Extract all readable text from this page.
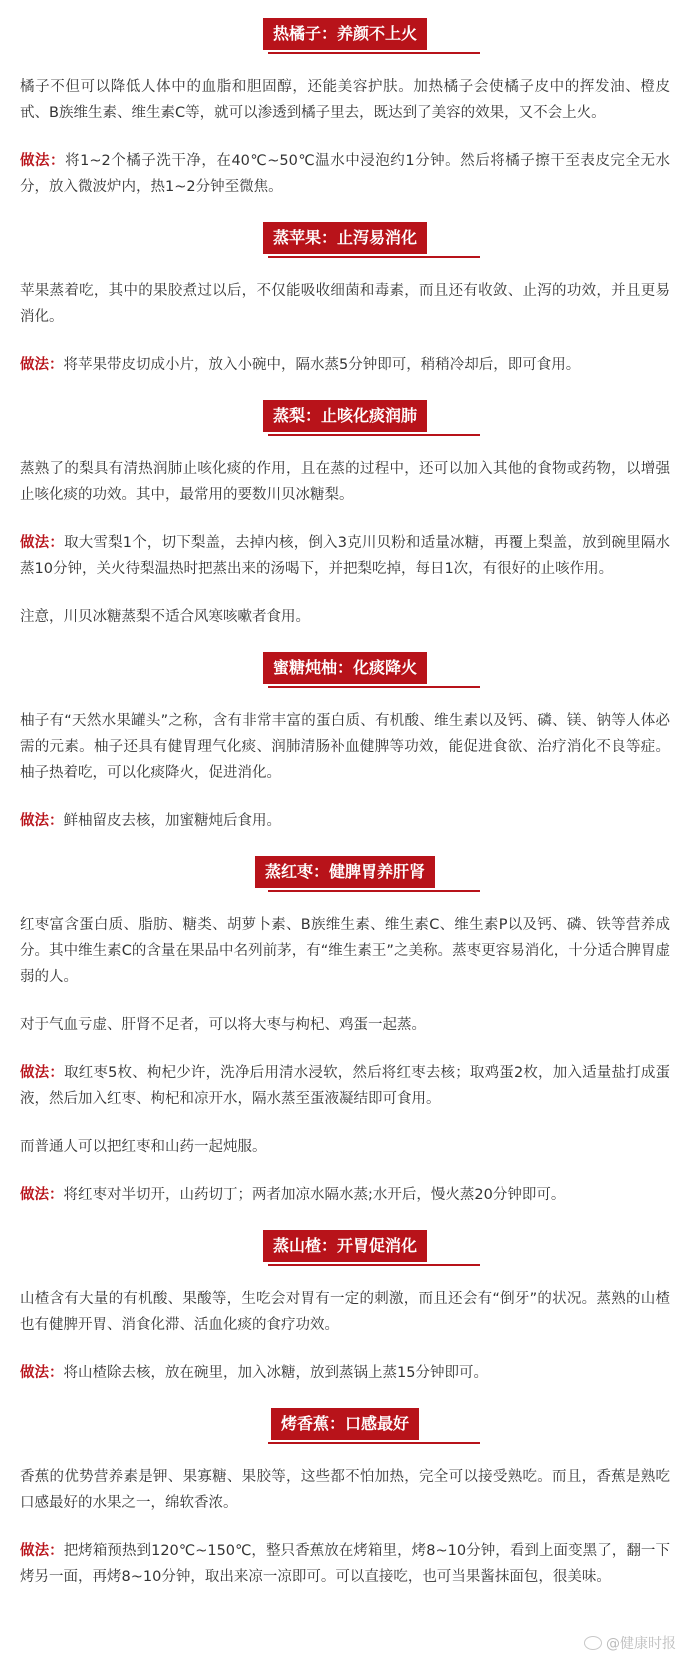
热橘子：养颜不上火

橘子不但可以降低人体中的血脂和胆固醇，还能美容护肤。加热橘子会使橘子皮中的挥发油、橙皮甙、B族维生素、维生素C等，就可以渗透到橘子里去，既达到了美容的效果，又不会上火。

做法：将1~2个橘子洗干净，在40℃~50℃温水中浸泡约1分钟。然后将橘子擦干至表皮完全无水分，放入微波炉内，热1~2分钟至微焦。

蒸苹果：止泻易消化

苹果蒸着吃，其中的果胶煮过以后，不仅能吸收细菌和毒素，而且还有收敛、止泻的功效，并且更易消化。

做法：将苹果带皮切成小片，放入小碗中，隔水蒸5分钟即可，稍稍冷却后，即可食用。

蒸梨：止咳化痰润肺

蒸熟了的梨具有清热润肺止咳化痰的作用，且在蒸的过程中，还可以加入其他的食物或药物，以增强止咳化痰的功效。其中，最常用的要数川贝冰糖梨。

做法：取大雪梨1个，切下梨盖，去掉内核，倒入3克川贝粉和适量冰糖，再覆上梨盖，放到碗里隔水蒸10分钟，关火待梨温热时把蒸出来的汤喝下，并把梨吃掉，每日1次，有很好的止咳作用。

注意，川贝冰糖蒸梨不适合风寒咳嗽者食用。

蜜糖炖柚：化痰降火

柚子有“天然水果罐头”之称，含有非常丰富的蛋白质、有机酸、维生素以及钙、磷、镁、钠等人体必需的元素。柚子还具有健胃理气化痰、润肺清肠补血健脾等功效，能促进食欲、治疗消化不良等症。柚子热着吃，可以化痰降火，促进消化。

做法：鲜柚留皮去核，加蜜糖炖后食用。

蒸红枣：健脾胃养肝肾

红枣富含蛋白质、脂肪、糖类、胡萝卜素、B族维生素、维生素C、维生素P以及钙、磷、铁等营养成分。其中维生素C的含量在果品中名列前茅，有“维生素王”之美称。蒸枣更容易消化，十分适合脾胃虚弱的人。

对于气血亏虚、肝肾不足者，可以将大枣与枸杞、鸡蛋一起蒸。

做法：取红枣5枚、枸杞少许，洗净后用清水浸软，然后将红枣去核；取鸡蛋2枚，加入适量盐打成蛋液，然后加入红枣、枸杞和凉开水，隔水蒸至蛋液凝结即可食用。

而普通人可以把红枣和山药一起炖服。

做法：将红枣对半切开，山药切丁；两者加凉水隔水蒸;水开后，慢火蒸20分钟即可。

蒸山楂：开胃促消化

山楂含有大量的有机酸、果酸等，生吃会对胃有一定的刺激，而且还会有“倒牙”的状况。蒸熟的山楂也有健脾开胃、消食化滞、活血化痰的食疗功效。

做法：将山楂除去核，放在碗里，加入冰糖，放到蒸锅上蒸15分钟即可。

烤香蕉：口感最好

香蕉的优势营养素是钾、果寡糖、果胶等，这些都不怕加热，完全可以接受熟吃。而且，香蕉是熟吃口感最好的水果之一，绵软香浓。

做法：把烤箱预热到120℃~150℃，整只香蕉放在烤箱里，烤8~10分钟，看到上面变黑了，翻一下烤另一面，再烤8~10分钟，取出来凉一凉即可。可以直接吃，也可当果酱抹面包，很美味。

@健康时报
